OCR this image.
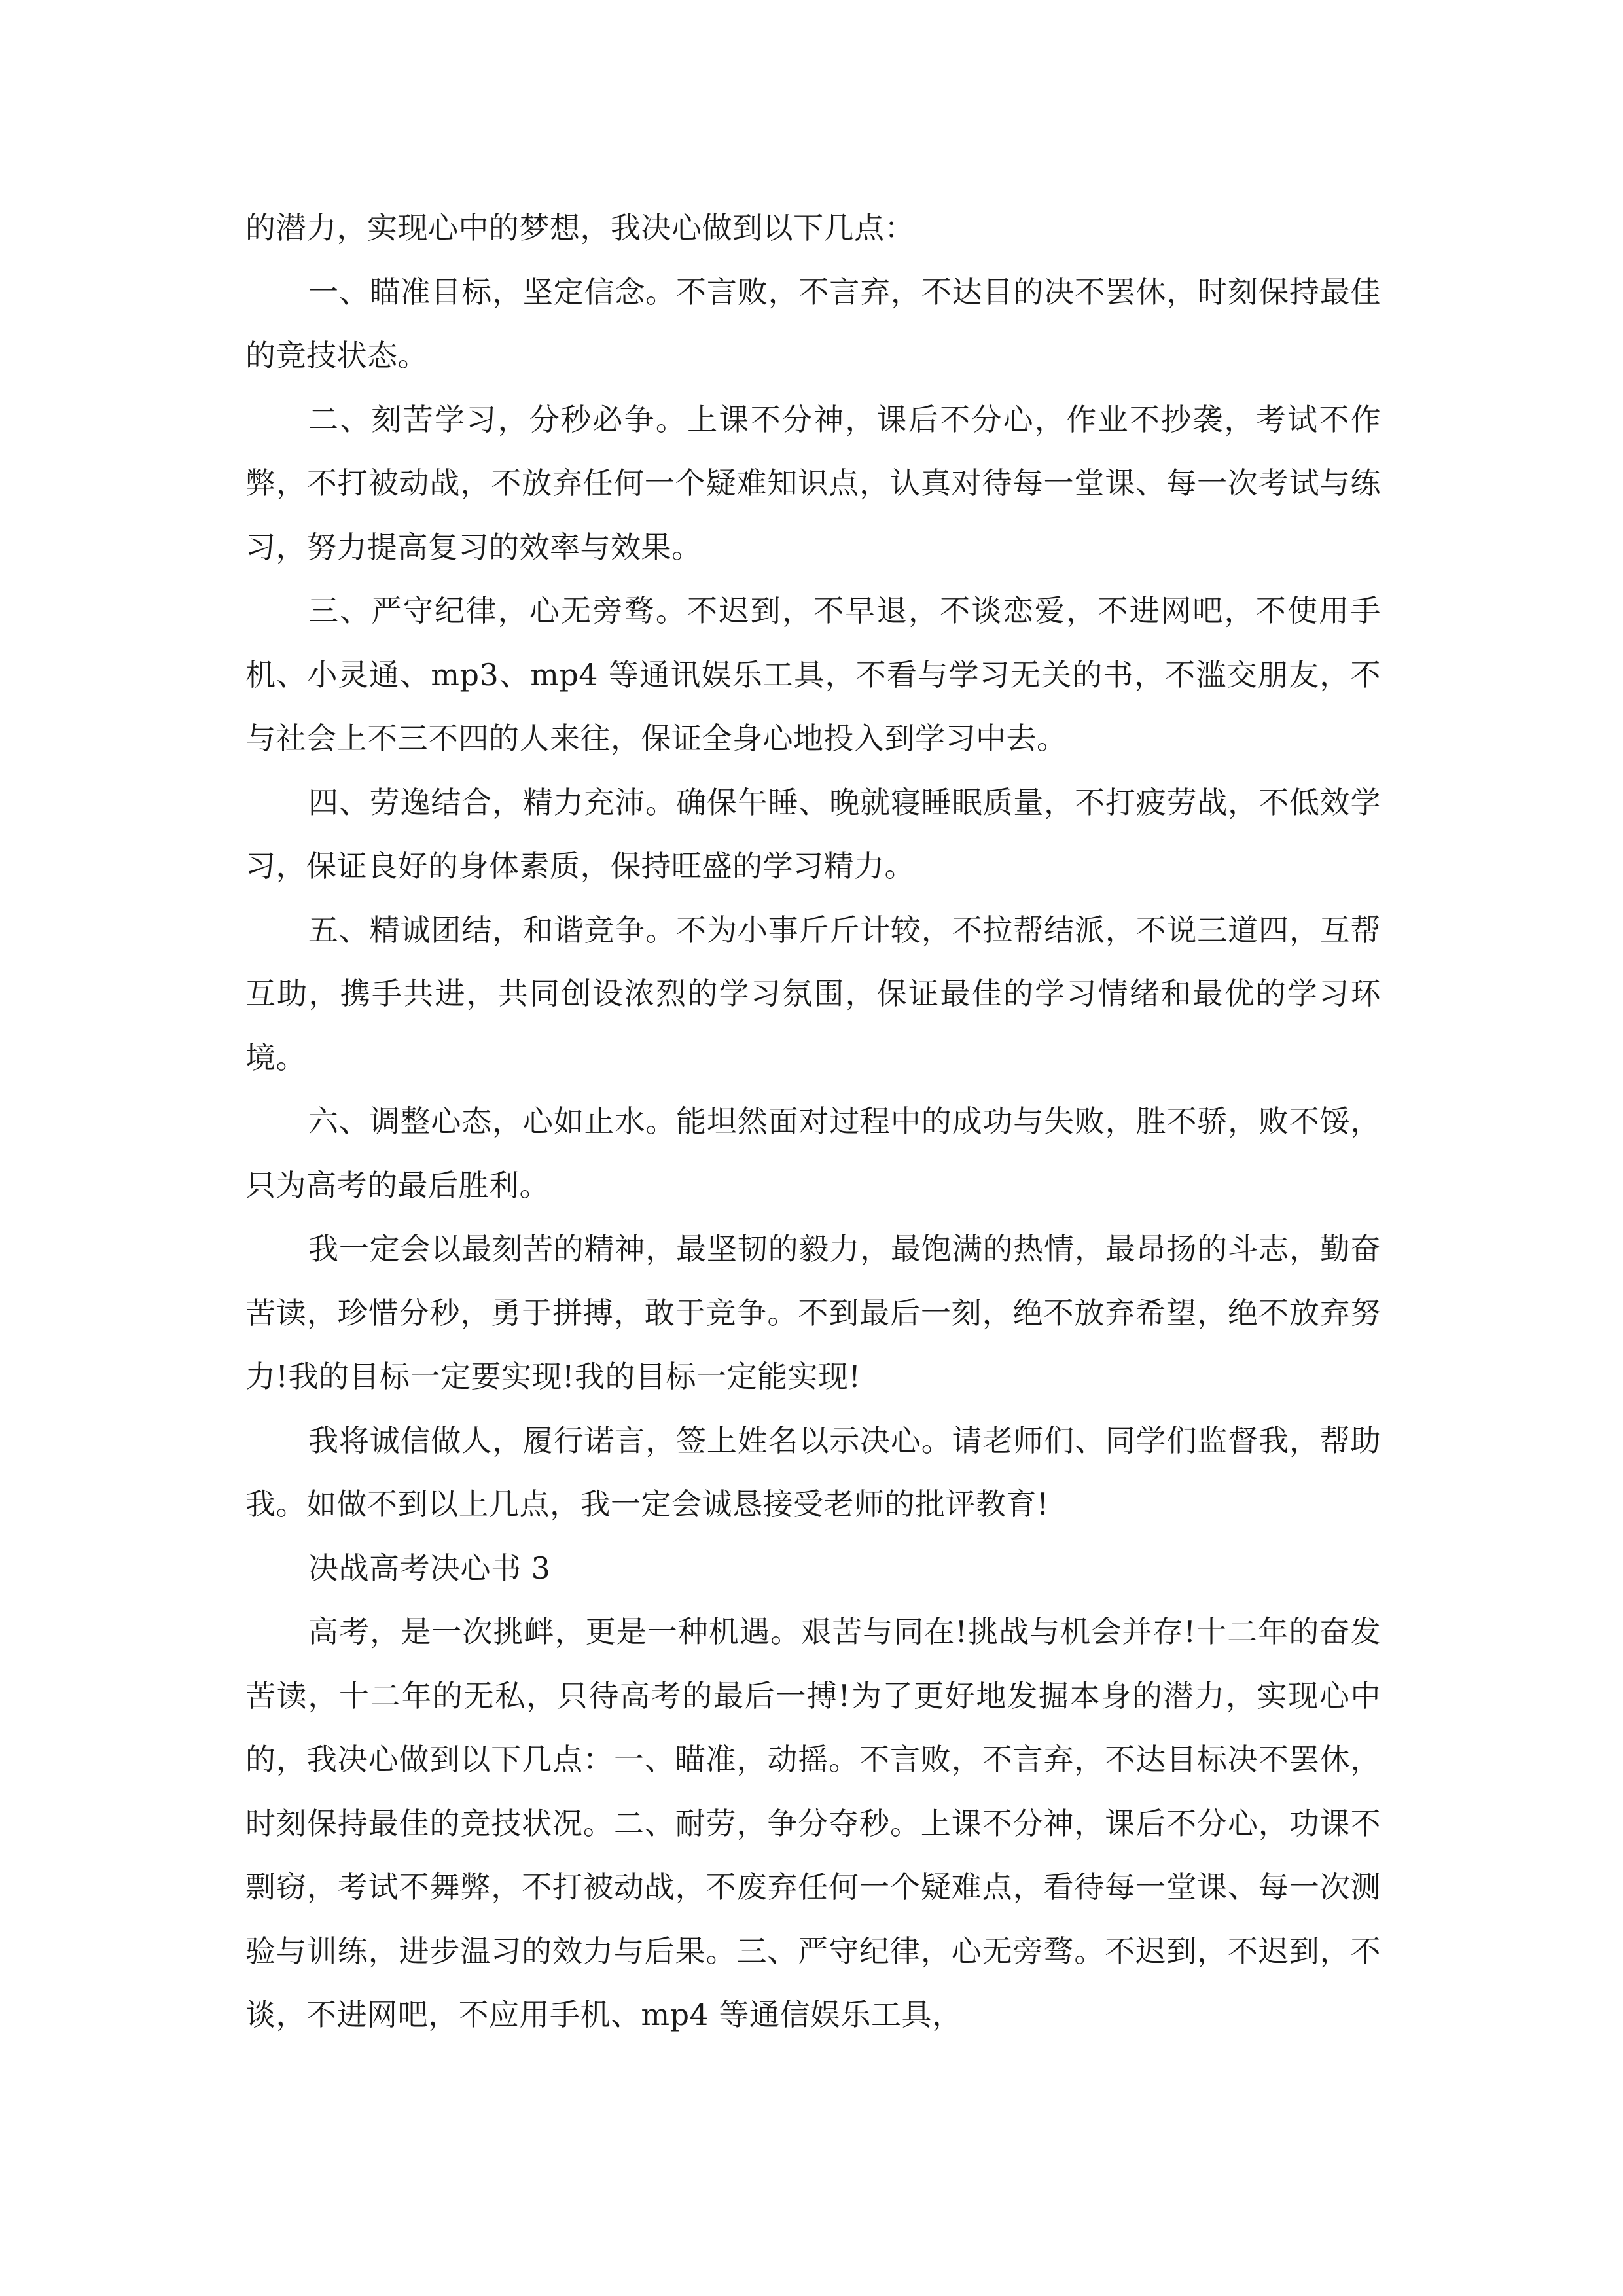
的潜力，实现心中的梦想，我决心做到以下几点：

一、瞄准目标，坚定信念。不言败，不言弃，不达目的决不罢休，时刻保持最佳的竞技状态。

二、刻苦学习，分秒必争。上课不分神，课后不分心，作业不抄袭，考试不作弊，不打被动战，不放弃任何一个疑难知识点，认真对待每一堂课、每一次考试与练习，努力提高复习的效率与效果。

三、严守纪律，心无旁骛。不迟到，不早退，不谈恋爱，不进网吧，不使用手机、小灵通、mp3、mp4 等通讯娱乐工具，不看与学习无关的书，不滥交朋友，不与社会上不三不四的人来往，保证全身心地投入到学习中去。

四、劳逸结合，精力充沛。确保午睡、晚就寝睡眠质量，不打疲劳战，不低效学习，保证良好的身体素质，保持旺盛的学习精力。

五、精诚团结，和谐竞争。不为小事斤斤计较，不拉帮结派，不说三道四，互帮互助，携手共进，共同创设浓烈的学习氛围，保证最佳的学习情绪和最优的学习环境。

六、调整心态，心如止水。能坦然面对过程中的成功与失败，胜不骄，败不馁，只为高考的最后胜利。

我一定会以最刻苦的精神，最坚韧的毅力，最饱满的热情，最昂扬的斗志，勤奋苦读，珍惜分秒，勇于拼搏，敢于竞争。不到最后一刻，绝不放弃希望，绝不放弃努力!我的目标一定要实现!我的目标一定能实现!

我将诚信做人，履行诺言，签上姓名以示决心。请老师们、同学们监督我，帮助我。如做不到以上几点，我一定会诚恳接受老师的批评教育!

决战高考决心书 3

高考，是一次挑衅，更是一种机遇。艰苦与同在!挑战与机会并存!十二年的奋发苦读，十二年的无私，只待高考的最后一搏!为了更好地发掘本身的潜力，实现心中的，我决心做到以下几点：一、瞄准，动摇。不言败，不言弃，不达目标决不罢休，时刻保持最佳的竞技状况。二、耐劳，争分夺秒。上课不分神，课后不分心，功课不剽窃，考试不舞弊，不打被动战，不废弃任何一个疑难点，看待每一堂课、每一次测验与训练，进步温习的效力与后果。三、严守纪律，心无旁骛。不迟到，不迟到，不谈，不进网吧，不应用手机、mp4 等通信娱乐工具，
